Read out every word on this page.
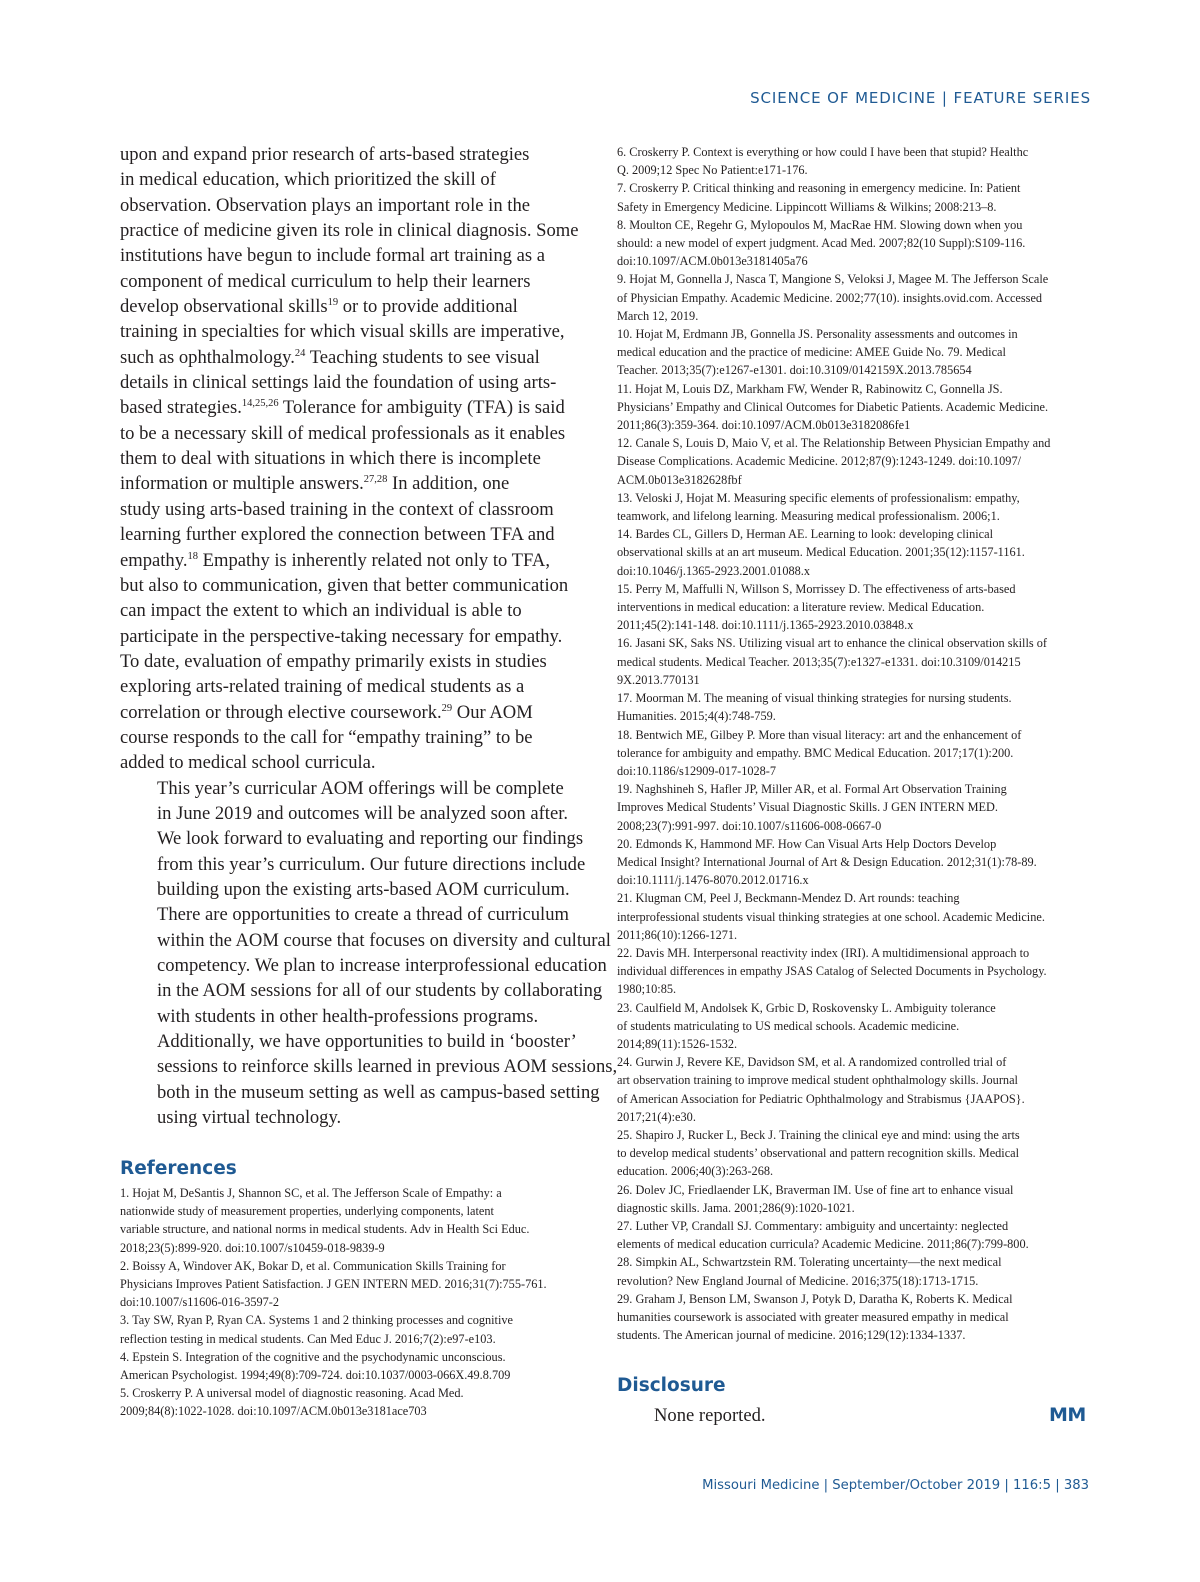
SCIENCE OF MEDICINE | FEATURE SERIES

upon and expand prior research of arts-based strategies
in medical education, which prioritized the skill of
observation. Observation plays an important role in the
practice of medicine given its role in clinical diagnosis. Some
institutions have begun to include formal art training as a
component of medical curriculum to help their learners
develop observational skills$^{19}$ or to provide additional
training in specialties for which visual skills are imperative,
such as ophthalmology.$^{24}$ Teaching students to see visual
details in clinical settings laid the foundation of using arts-
based strategies.$^{14,25,26}$ Tolerance for ambiguity (TFA) is said
to be a necessary skill of medical professionals as it enables
them to deal with situations in which there is incomplete
information or multiple answers.$^{27,28}$ In addition, one
study using arts-based training in the context of classroom
learning further explored the connection between TFA and
empathy.$^{18}$ Empathy is inherently related not only to TFA,
but also to communication, given that better communication
can impact the extent to which an individual is able to
participate in the perspective-taking necessary for empathy.
To date, evaluation of empathy primarily exists in studies
exploring arts-related training of medical students as a
correlation or through elective coursework.$^{29}$ Our AOM
course responds to the call for “empathy training” to be
added to medical school curricula.

This year’s curricular AOM offerings will be complete
in June 2019 and outcomes will be analyzed soon after.
We look forward to evaluating and reporting our findings
from this year’s curriculum. Our future directions include
building upon the existing arts-based AOM curriculum.
There are opportunities to create a thread of curriculum
within the AOM course that focuses on diversity and cultural
competency. We plan to increase interprofessional education
in the AOM sessions for all of our students by collaborating
with students in other health-professions programs.
Additionally, we have opportunities to build in ‘booster’
sessions to reinforce skills learned in previous AOM sessions,
both in the museum setting as well as campus-based setting
using virtual technology.

References
1. Hojat M, DeSantis J, Shannon SC, et al. The Jefferson Scale of Empathy: a
nationwide study of measurement properties, underlying components, latent
variable structure, and national norms in medical students. Adv in Health Sci Educ.
2018;23(5):899-920. doi:10.1007/s10459-018-9839-9
2. Boissy A, Windover AK, Bokar D, et al. Communication Skills Training for
Physicians Improves Patient Satisfaction. J GEN INTERN MED. 2016;31(7):755-761.
doi:10.1007/s11606-016-3597-2
3. Tay SW, Ryan P, Ryan CA. Systems 1 and 2 thinking processes and cognitive
reflection testing in medical students. Can Med Educ J. 2016;7(2):e97-e103.
4. Epstein S. Integration of the cognitive and the psychodynamic unconscious.
American Psychologist. 1994;49(8):709-724. doi:10.1037/0003-066X.49.8.709
5. Croskerry P. A universal model of diagnostic reasoning. Acad Med.
2009;84(8):1022-1028. doi:10.1097/ACM.0b013e3181ace703
6. Croskerry P. Context is everything or how could I have been that stupid? Healthc
Q. 2009;12 Spec No Patient:e171-176.
7. Croskerry P. Critical thinking and reasoning in emergency medicine. In: Patient
Safety in Emergency Medicine. Lippincott Williams & Wilkins; 2008:213–8.
8. Moulton CE, Regehr G, Mylopoulos M, MacRae HM. Slowing down when you
should: a new model of expert judgment. Acad Med. 2007;82(10 Suppl):S109-116.
doi:10.1097/ACM.0b013e3181405a76
9. Hojat M, Gonnella J, Nasca T, Mangione S, Veloksi J, Magee M. The Jefferson Scale
of Physician Empathy. Academic Medicine. 2002;77(10). insights.ovid.com. Accessed
March 12, 2019.
10. Hojat M, Erdmann JB, Gonnella JS. Personality assessments and outcomes in
medical education and the practice of medicine: AMEE Guide No. 79. Medical
Teacher. 2013;35(7):e1267-e1301. doi:10.3109/0142159X.2013.785654
11. Hojat M, Louis DZ, Markham FW, Wender R, Rabinowitz C, Gonnella JS.
Physicians’ Empathy and Clinical Outcomes for Diabetic Patients. Academic Medicine.
2011;86(3):359-364. doi:10.1097/ACM.0b013e3182086fe1
12. Canale S, Louis D, Maio V, et al. The Relationship Between Physician Empathy and
Disease Complications. Academic Medicine. 2012;87(9):1243-1249. doi:10.1097/
ACM.0b013e3182628fbf
13. Veloski J, Hojat M. Measuring specific elements of professionalism: empathy,
teamwork, and lifelong learning. Measuring medical professionalism. 2006;1.
14. Bardes CL, Gillers D, Herman AE. Learning to look: developing clinical
observational skills at an art museum. Medical Education. 2001;35(12):1157-1161.
doi:10.1046/j.1365-2923.2001.01088.x
15. Perry M, Maffulli N, Willson S, Morrissey D. The effectiveness of arts-based
interventions in medical education: a literature review. Medical Education.
2011;45(2):141-148. doi:10.1111/j.1365-2923.2010.03848.x
16. Jasani SK, Saks NS. Utilizing visual art to enhance the clinical observation skills of
medical students. Medical Teacher. 2013;35(7):e1327-e1331. doi:10.3109/014215
9X.2013.770131
17. Moorman M. The meaning of visual thinking strategies for nursing students.
Humanities. 2015;4(4):748-759.
18. Bentwich ME, Gilbey P. More than visual literacy: art and the enhancement of
tolerance for ambiguity and empathy. BMC Medical Education. 2017;17(1):200.
doi:10.1186/s12909-017-1028-7
19. Naghshineh S, Hafler JP, Miller AR, et al. Formal Art Observation Training
Improves Medical Students’ Visual Diagnostic Skills. J GEN INTERN MED.
2008;23(7):991-997. doi:10.1007/s11606-008-0667-0
20. Edmonds K, Hammond MF. How Can Visual Arts Help Doctors Develop
Medical Insight? International Journal of Art & Design Education. 2012;31(1):78-89.
doi:10.1111/j.1476-8070.2012.01716.x
21. Klugman CM, Peel J, Beckmann-Mendez D. Art rounds: teaching
interprofessional students visual thinking strategies at one school. Academic Medicine.
2011;86(10):1266-1271.
22. Davis MH. Interpersonal reactivity index (IRI). A multidimensional approach to
individual differences in empathy JSAS Catalog of Selected Documents in Psychology.
1980;10:85.
23. Caulfield M, Andolsek K, Grbic D, Roskovensky L. Ambiguity tolerance
of students matriculating to US medical schools. Academic medicine.
2014;89(11):1526-1532.
24. Gurwin J, Revere KE, Davidson SM, et al. A randomized controlled trial of
art observation training to improve medical student ophthalmology skills. Journal
of American Association for Pediatric Ophthalmology and Strabismus {JAAPOS}.
2017;21(4):e30.
25. Shapiro J, Rucker L, Beck J. Training the clinical eye and mind: using the arts
to develop medical students’ observational and pattern recognition skills. Medical
education. 2006;40(3):263-268.
26. Dolev JC, Friedlaender LK, Braverman IM. Use of fine art to enhance visual
diagnostic skills. Jama. 2001;286(9):1020-1021.
27. Luther VP, Crandall SJ. Commentary: ambiguity and uncertainty: neglected
elements of medical education curricula? Academic Medicine. 2011;86(7):799-800.
28. Simpkin AL, Schwartzstein RM. Tolerating uncertainty—the next medical
revolution? New England Journal of Medicine. 2016;375(18):1713-1715.
29. Graham J, Benson LM, Swanson J, Potyk D, Daratha K, Roberts K. Medical
humanities coursework is associated with greater measured empathy in medical
students. The American journal of medicine. 2016;129(12):1334-1337.
Disclosure
None reported.	MM
Missouri Medicine | September/October 2019 | 116:5 | 383
